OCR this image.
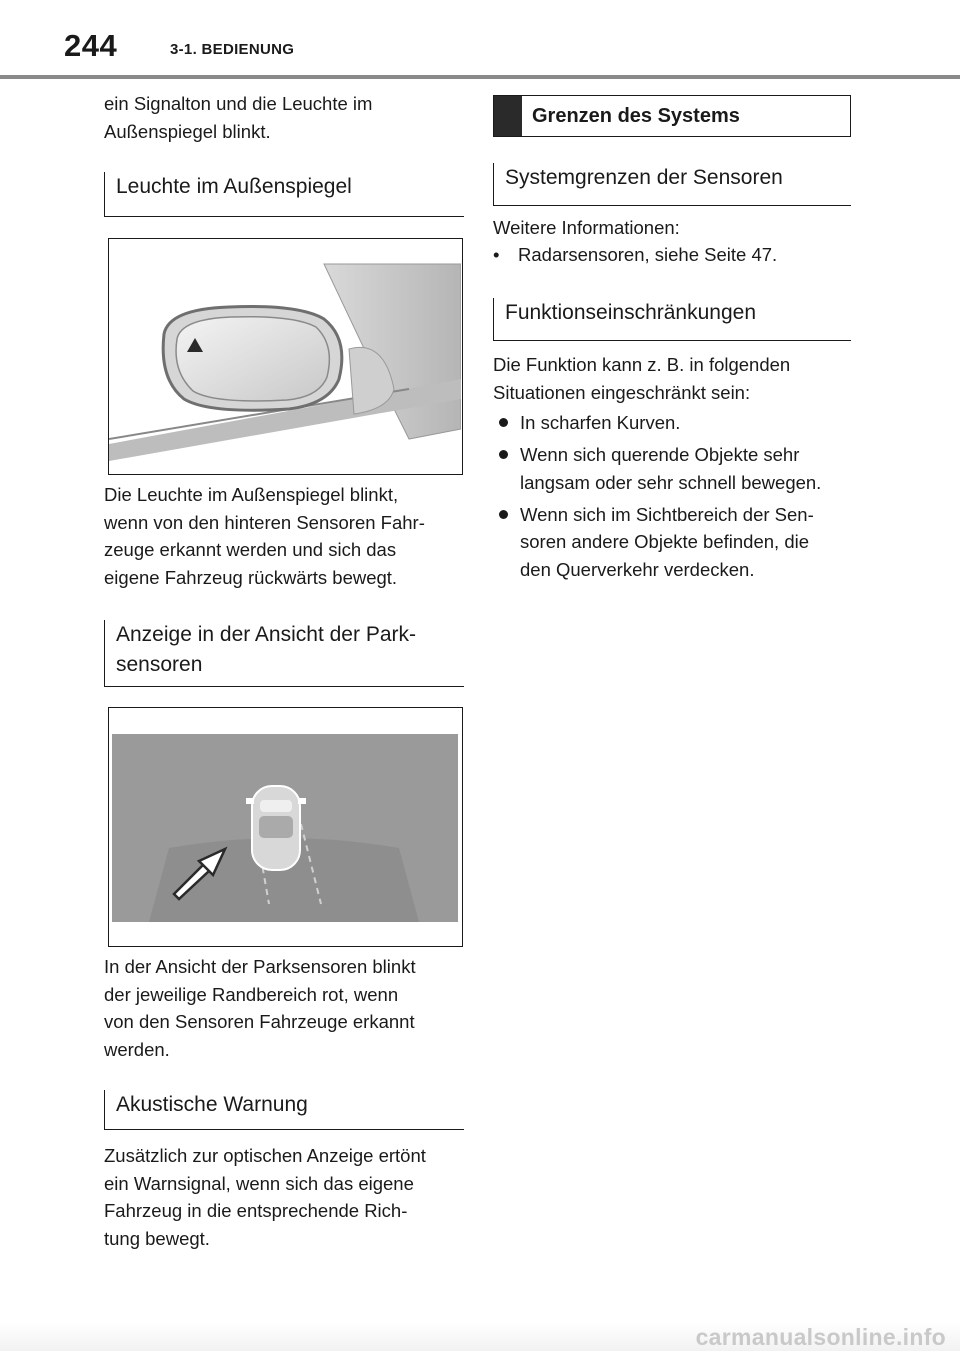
244	3-1. BEDIENUNG

ein Signalton und die Leuchte im
Außenspiegel blinkt.

Leuchte im Außenspiegel

Die Leuchte im Außenspiegel blinkt,
wenn von den hinteren Sensoren Fahr-
zeuge erkannt werden und sich das
eigene Fahrzeug rückwärts bewegt.

Anzeige in der Ansicht der Park-
sensoren

In der Ansicht der Parksensoren blinkt
der jeweilige Randbereich rot, wenn
von den Sensoren Fahrzeuge erkannt
werden.

Akustische Warnung

Zusätzlich zur optischen Anzeige ertönt
ein Warnsignal, wenn sich das eigene
Fahrzeug in die entsprechende Rich-
tung bewegt.

Grenzen des Systems
Systemgrenzen der Sensoren

Weitere Informationen:

• Radarsensoren, siehe Seite 47.
Funktionseinschränkungen

Die Funktion kann z. B. in folgenden
Situationen eingeschränkt sein:

In scharfen Kurven.
Wenn sich querende Objekte sehr
langsam oder sehr schnell bewegen.
Wenn sich im Sichtbereich der Sen-
soren andere Objekte befinden, die
den Querverkehr verdecken.
carmanualsonline.info
